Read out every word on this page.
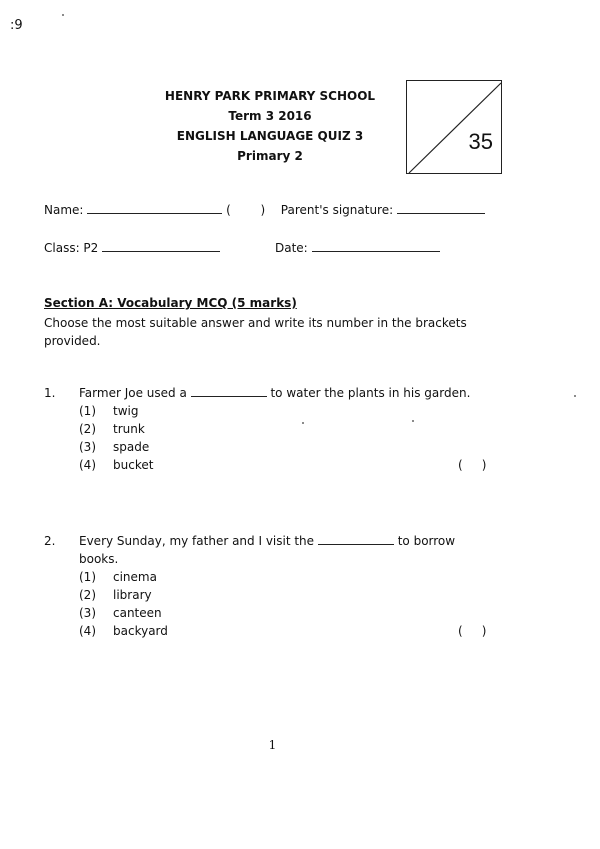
:9
HENRY PARK PRIMARY SCHOOL
Term 3 2016
ENGLISH LANGUAGE QUIZ 3
Primary 2
35
Name:	( ) Parent's signature:
Class: P2	Date:
Section A: Vocabulary MCQ (5 marks)
Choose the most suitable answer and write its number in the brackets provided.
1. Farmer Joe used a	to water the plants in his garden.
(1) twig
(2) trunk
(3) spade
(4) bucket	(     )
2. Every Sunday, my father and I visit the	to borrow books.
(1) cinema
(2) library
(3) canteen
(4) backyard	(     )
1
